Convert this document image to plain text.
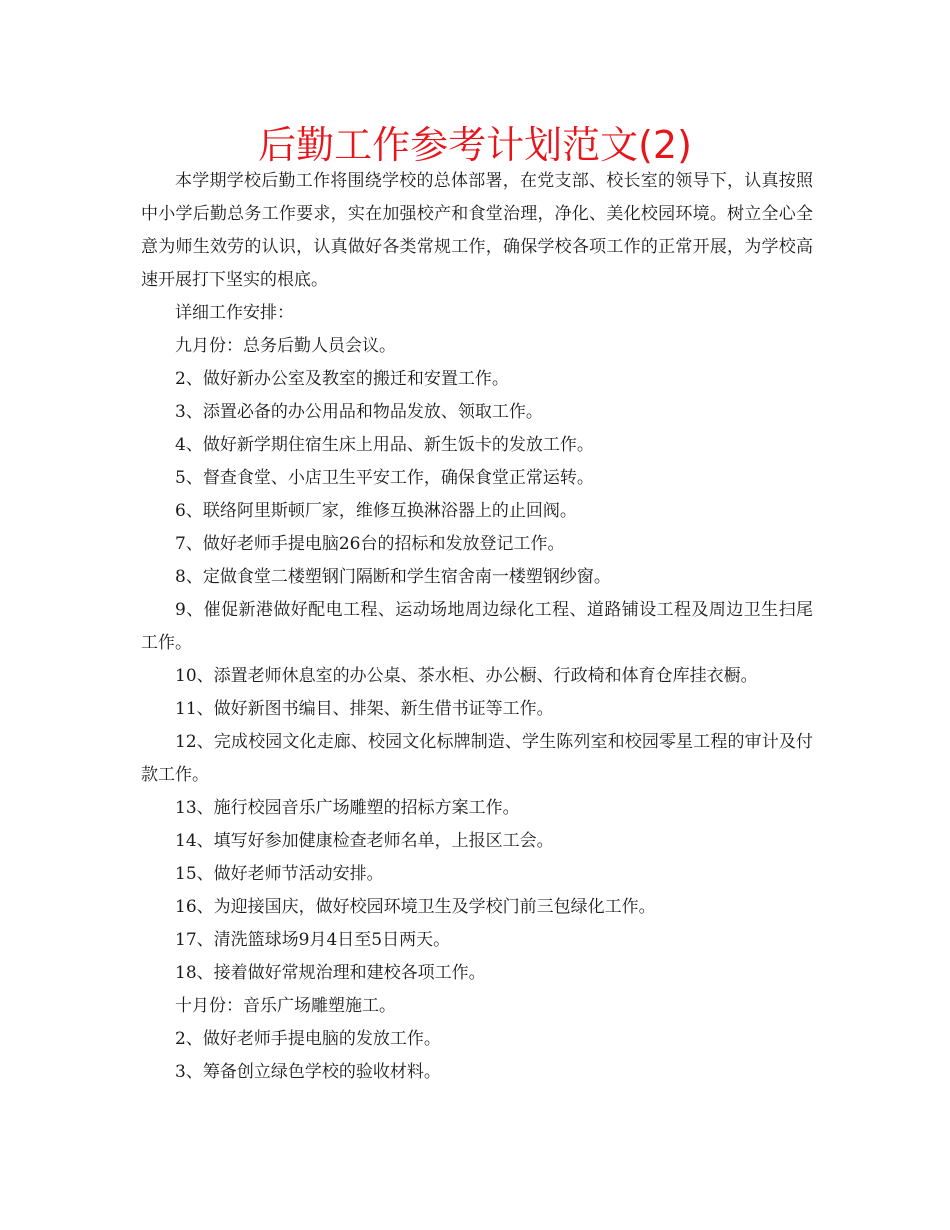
后勤工作参考计划范文(2)

本学期学校后勤工作将围绕学校的总体部署，在党支部、校长室的领导下，认真按照中小学后勤总务工作要求，实在加强校产和食堂治理，净化、美化校园环境。树立全心全意为师生效劳的认识，认真做好各类常规工作，确保学校各项工作的正常开展，为学校高速开展打下坚实的根底。

详细工作安排：

九月份：总务后勤人员会议。

2、做好新办公室及教室的搬迁和安置工作。

3、添置必备的办公用品和物品发放、领取工作。

4、做好新学期住宿生床上用品、新生饭卡的发放工作。

5、督查食堂、小店卫生平安工作，确保食堂正常运转。

6、联络阿里斯顿厂家，维修互换淋浴器上的止回阀。

7、做好老师手提电脑26台的招标和发放登记工作。

8、定做食堂二楼塑钢门隔断和学生宿舍南一楼塑钢纱窗。

9、催促新港做好配电工程、运动场地周边绿化工程、道路铺设工程及周边卫生扫尾工作。

10、添置老师休息室的办公桌、茶水柜、办公橱、行政椅和体育仓库挂衣橱。

11、做好新图书编目、排架、新生借书证等工作。

12、完成校园文化走廊、校园文化标牌制造、学生陈列室和校园零星工程的审计及付款工作。

13、施行校园音乐广场雕塑的招标方案工作。

14、填写好参加健康检查老师名单，上报区工会。

15、做好老师节活动安排。

16、为迎接国庆，做好校园环境卫生及学校门前三包绿化工作。

17、清洗篮球场9月4日至5日两天。

18、接着做好常规治理和建校各项工作。

十月份：音乐广场雕塑施工。

2、做好老师手提电脑的发放工作。

3、筹备创立绿色学校的验收材料。
